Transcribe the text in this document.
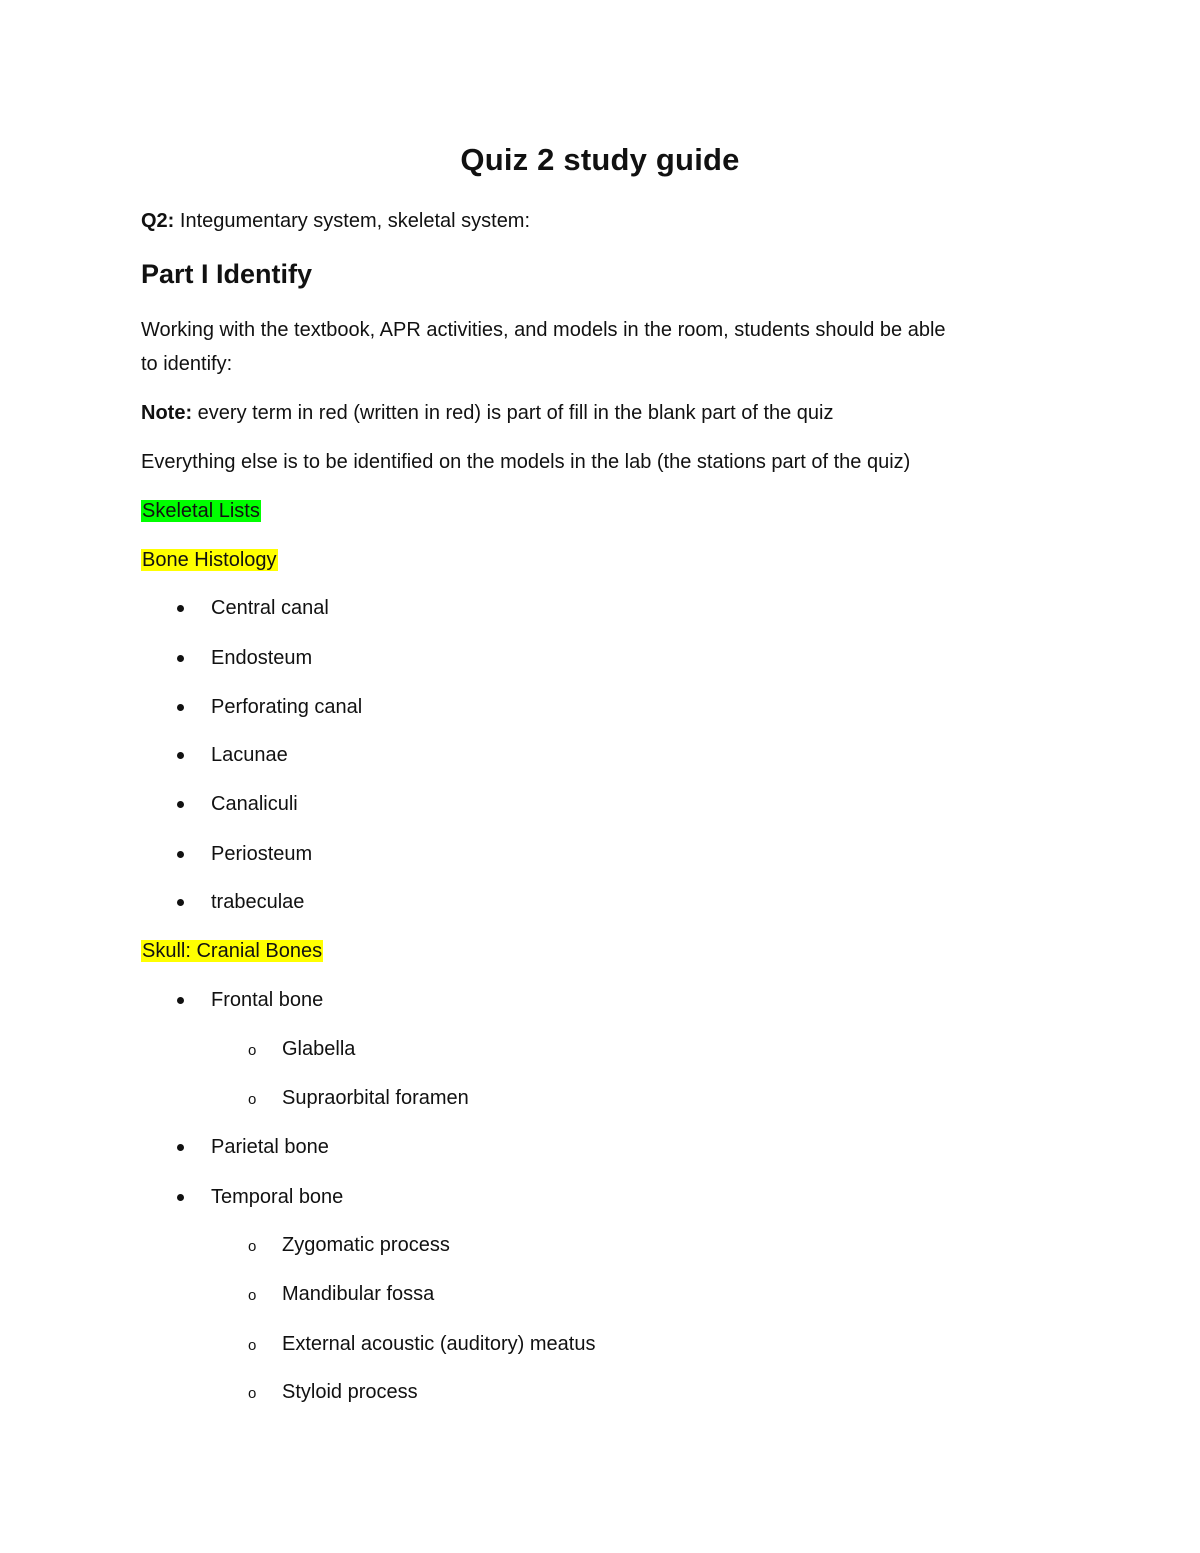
Quiz 2 study guide
Q2: Integumentary system, skeletal system:
Part I Identify
Working with the textbook, APR activities, and models in the room, students should be able
to identify:
Note: every term in red (written in red) is part of fill in the blank part of the quiz
Everything else is to be identified on the models in the lab (the stations part of the quiz)
Skeletal Lists
Bone Histology
Central canal
Endosteum
Perforating canal
Lacunae
Canaliculi
Periosteum
trabeculae
Skull: Cranial Bones
Frontal bone
o Glabella
o Supraorbital foramen
Parietal bone
Temporal bone
o Zygomatic process
o Mandibular fossa
o External acoustic (auditory) meatus
o Styloid process
